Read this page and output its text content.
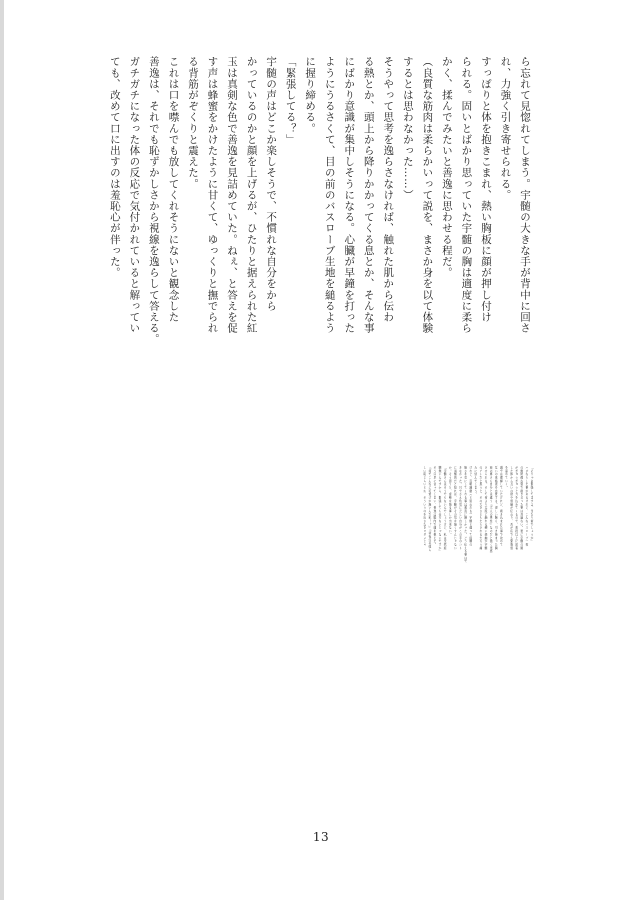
ら忘れて見惚れてしまう。宇髄の大きな手が背中に回さ
れ、力強く引き寄せられる。
すっぽりと体を抱きこまれ、熱い胸板に顔が押し付け
られる。固いとばかり思っていた宇髄の胸は適度に柔ら
かく、揉んでみたいと善逸に思わせる程だ。
（良質な筋肉は柔らかいって説を、まさか身を以て体験
するとは思わなかった……）
そうやって思考を逸らさなければ、触れた肌から伝わ
る熱とか、頭上から降りかかってくる息とか、そんな事
にばかり意識が集中しそうになる。心臓が早鐘を打った
ようにうるさくて、目の前のバスローブ生地を縋るよう
に握り締める。
「緊張してる？」
宇髄の声はどこか楽しそうで、不慣れな自分をから
かっているのかと顔を上げるが、ひたりと据えられた紅
玉は真剣な色で善逸を見詰めていた。ねぇ、と答えを促
す声は蜂蜜をかけたように甘くて、ゆっくりと撫でられ
る背筋がぞくりと震えた。
これは口を噤んでも放してくれそうにないと観念した
善逸は、それでも恥ずかしさから視線を逸らして答える。
ガチガチになった体の反応で気付かれていると解ってい
ても、改めて口に出すのは羞恥心が伴った。
「そりゃあ緊張してますよ、当たり前でしょうが」
ハグならした事があるけれど、こんなバスローブ一枚
の無防備な姿で抱き合った事は勿論ない。更に宇髄の腕
がぎゅうぎゅうと力を込めてくるので、普段以上に密着
した体から互いの熱や感触が伝わり、否が応でも緊張感
を高めていく。
頭では理解していたけれど、抱き込まれた事で改めて
互いの体格差を自覚する。逞しい腕も、引き締まった胸
板の厚さも自分とは違う『大人の男性』なのだと強く実感
させられる。そして何より太股に触れる硬い感触が宇髄
のアレだと思うと、その大きさともたらされるだろう痛
みに怯んでしまう。
けれど、百戦錬磨（と思われる）宇髄と違って経験の
無さを気にしてくれる事は素直に嬉しかった。どう伝える事はで
きなかった。只でさえ色気に乏しい自分がこの手のコト
に消極的だと知れば、宇髄がその気を無くすんじゃない
か。そう思うと、虚勢を張る事しか出来ない。
「宇髄さんはそうでもないんでしょうけど、私は全然経
験無いんですから、緊張しても仕方ないじゃないですか」
そう口早に言ってしまい、善逸は脳内で頭を抱えた。
『何でこんなに可愛げが無いんだ私！？』『初夜の花嫁ら
しい恥じらいとか、そういうのを出さなきゃダメじゃ
13
